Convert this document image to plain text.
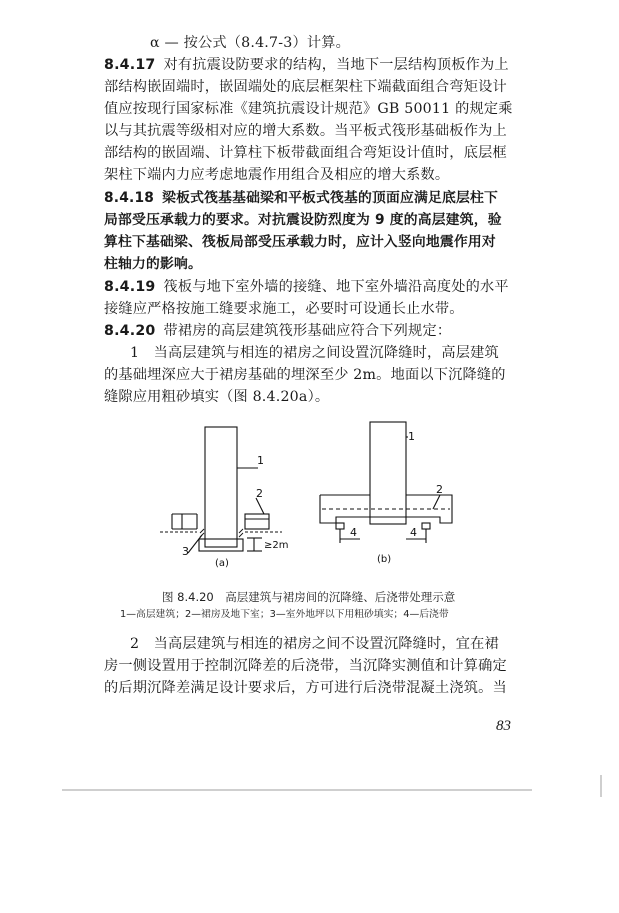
α — 按公式（8.4.7-3）计算。
8.4.17 对有抗震设防要求的结构，当地下一层结构顶板作为上
部结构嵌固端时，嵌固端处的底层框架柱下端截面组合弯矩设计
值应按现行国家标准《建筑抗震设计规范》GB 50011 的规定乘
以与其抗震等级相对应的增大系数。当平板式筏形基础板作为上
部结构的嵌固端、计算柱下板带截面组合弯矩设计值时，底层框
架柱下端内力应考虑地震作用组合及相应的增大系数。
8.4.18 梁板式筏基基础梁和平板式筏基的顶面应满足底层柱下
局部受压承载力的要求。对抗震设防烈度为 9 度的高层建筑，验
算柱下基础梁、筏板局部受压承载力时，应计入竖向地震作用对
柱轴力的影响。
8.4.19 筏板与地下室外墙的接缝、地下室外墙沿高度处的水平
接缝应严格按施工缝要求施工，必要时可设通长止水带。
8.4.20 带裙房的高层建筑筏形基础应符合下列规定：
1　当高层建筑与相连的裙房之间设置沉降缝时，高层建筑
的基础埋深应大于裙房基础的埋深至少 2m。地面以下沉降缝的
缝隙应用粗砂填实（图 8.4.20a）。
1
2
3	≥2m
(a)
1
2
4	4
(b)
图 8.4.20　高层建筑与裙房间的沉降缝、后浇带处理示意
1—高层建筑；2—裙房及地下室；3—室外地坪以下用粗砂填实；4—后浇带
2　当高层建筑与相连的裙房之间不设置沉降缝时，宜在裙
房一侧设置用于控制沉降差的后浇带，当沉降实测值和计算确定
的后期沉降差满足设计要求后，方可进行后浇带混凝土浇筑。当
83
